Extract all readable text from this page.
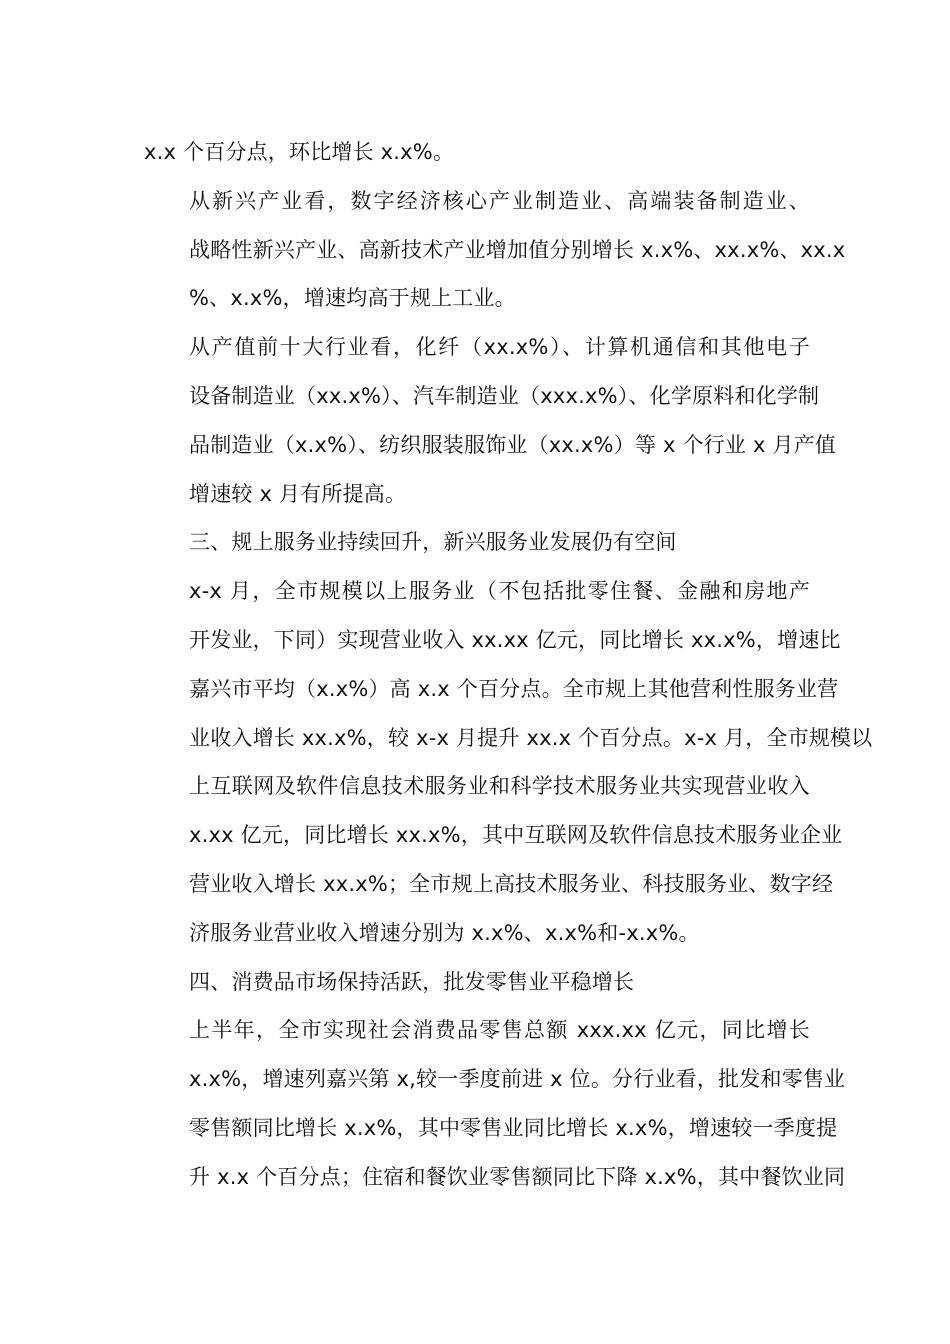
x.x 个百分点，环比增长 x.x%。
从新兴产业看，数字经济核心产业制造业、高端装备制造业、
战略性新兴产业、高新技术产业增加值分别增长 x.x%、xx.x%、xx.x
%、x.x%，增速均高于规上工业。
从产值前十大行业看，化纤（xx.x%）、计算机通信和其他电子
设备制造业（xx.x%）、汽车制造业（xxx.x%）、化学原料和化学制
品制造业（x.x%）、纺织服装服饰业（xx.x%）等 x 个行业 x 月产值
增速较 x 月有所提高。
三、规上服务业持续回升，新兴服务业发展仍有空间
x-x 月，全市规模以上服务业（不包括批零住餐、金融和房地产
开发业，下同）实现营业收入 xx.xx 亿元，同比增长 xx.x%，增速比
嘉兴市平均（x.x%）高 x.x 个百分点。全市规上其他营利性服务业营
业收入增长 xx.x%，较 x-x 月提升 xx.x 个百分点。x-x 月，全市规模以
上互联网及软件信息技术服务业和科学技术服务业共实现营业收入
x.xx 亿元，同比增长 xx.x%，其中互联网及软件信息技术服务业企业
营业收入增长 xx.x%；全市规上高技术服务业、科技服务业、数字经
济服务业营业收入增速分别为 x.x%、x.x%和-x.x%。
四、消费品市场保持活跃，批发零售业平稳增长
上半年，全市实现社会消费品零售总额 xxx.xx 亿元，同比增长
x.x%，增速列嘉兴第 x,较一季度前进 x 位。分行业看，批发和零售业
零售额同比增长 x.x%，其中零售业同比增长 x.x%，增速较一季度提
升 x.x 个百分点；住宿和餐饮业零售额同比下降 x.x%，其中餐饮业同
